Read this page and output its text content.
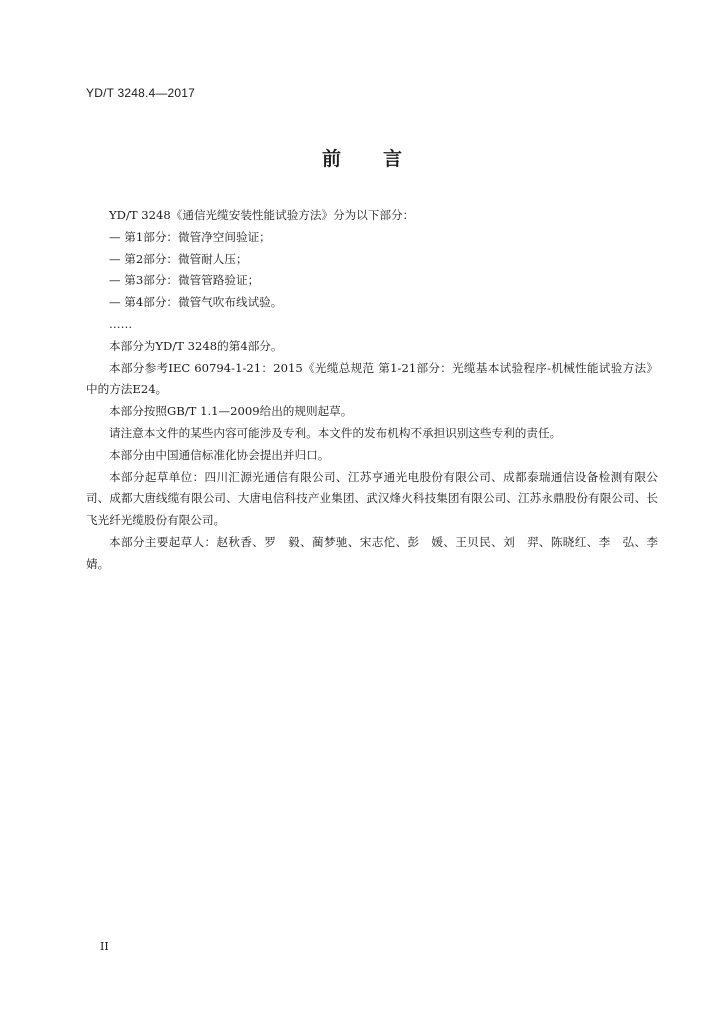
YD/T 3248.4—2017
前 言

YD/T 3248《通信光缆安装性能试验方法》分为以下部分：

— 第1部分：微管净空间验证；

— 第2部分：微管耐人压；

— 第3部分：微管管路验证；

— 第4部分：微管气吹布线试验。

……

本部分为YD/T 3248的第4部分。

本部分参考IEC 60794-1-21：2015《光缆总规范 第1-21部分：光缆基本试验程序-机械性能试验方法》中的方法E24。

本部分按照GB/T 1.1—2009给出的规则起草。

请注意本文件的某些内容可能涉及专利。本文件的发布机构不承担识别这些专利的责任。

本部分由中国通信标准化协会提出并归口。

本部分起草单位：四川汇源光通信有限公司、江苏亨通光电股份有限公司、成都泰瑞通信设备检测有限公司、成都大唐线缆有限公司、大唐电信科技产业集团、武汉烽火科技集团有限公司、江苏永鼎股份有限公司、长飞光纤光缆股份有限公司。

本部分主要起草人：赵秋香、罗　毅、蔺梦驰、宋志佗、彭　媛、王贝民、刘　羿、陈晓红、李　弘、李　婧。

II
